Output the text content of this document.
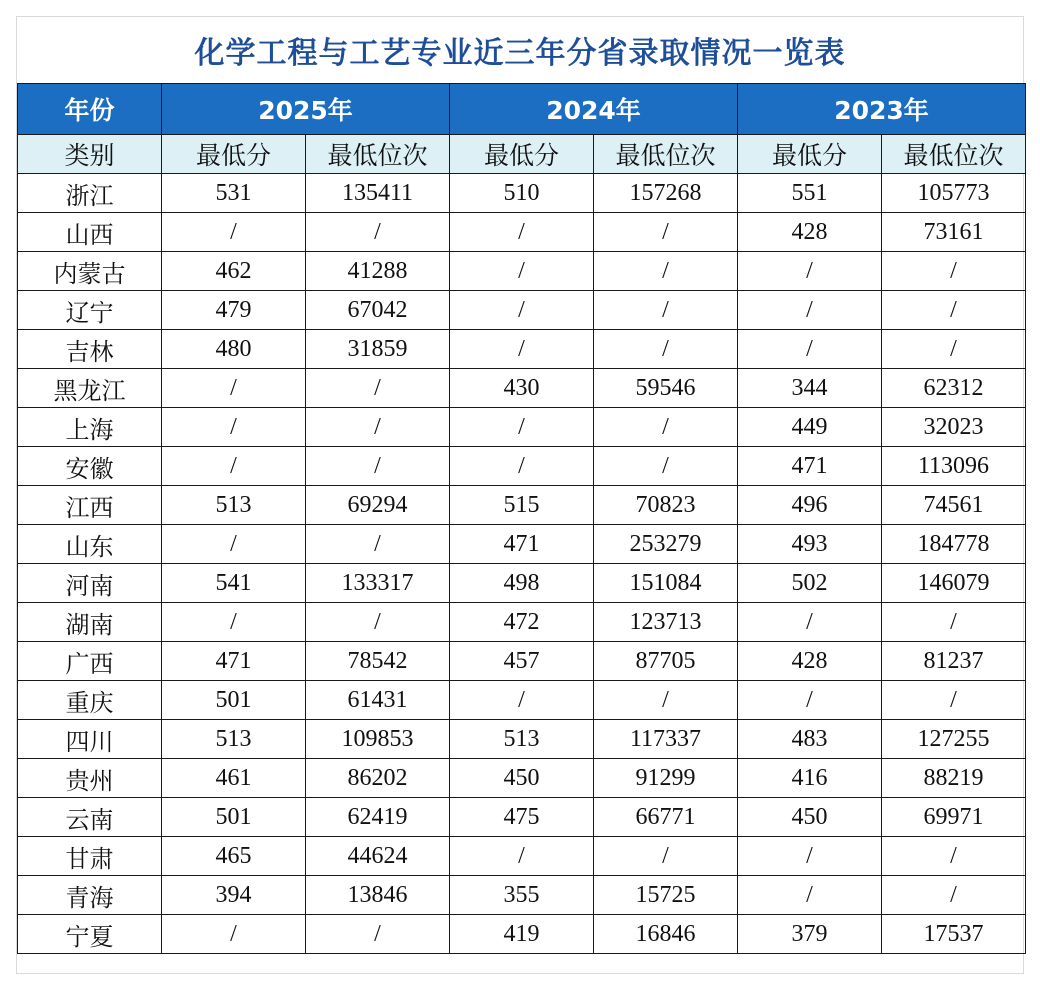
化学工程与工艺专业近三年分省录取情况一览表
年份	2025年		2024年		2023年	
类别	最低分	最低位次	最低分	最低位次	最低分	最低位次
浙江	531	135411	510	157268	551	105773
山西	/	/	/	/	428	73161
内蒙古	462	41288	/	/	/	/
辽宁	479	67042	/	/	/	/
吉林	480	31859	/	/	/	/
黑龙江	/	/	430	59546	344	62312
上海	/	/	/	/	449	32023
安徽	/	/	/	/	471	113096
江西	513	69294	515	70823	496	74561
山东	/	/	471	253279	493	184778
河南	541	133317	498	151084	502	146079
湖南	/	/	472	123713	/	/
广西	471	78542	457	87705	428	81237
重庆	501	61431	/	/	/	/
四川	513	109853	513	117337	483	127255
贵州	461	86202	450	91299	416	88219
云南	501	62419	475	66771	450	69971
甘肃	465	44624	/	/	/	/
青海	394	13846	355	15725	/	/
宁夏	/	/	419	16846	379	17537
